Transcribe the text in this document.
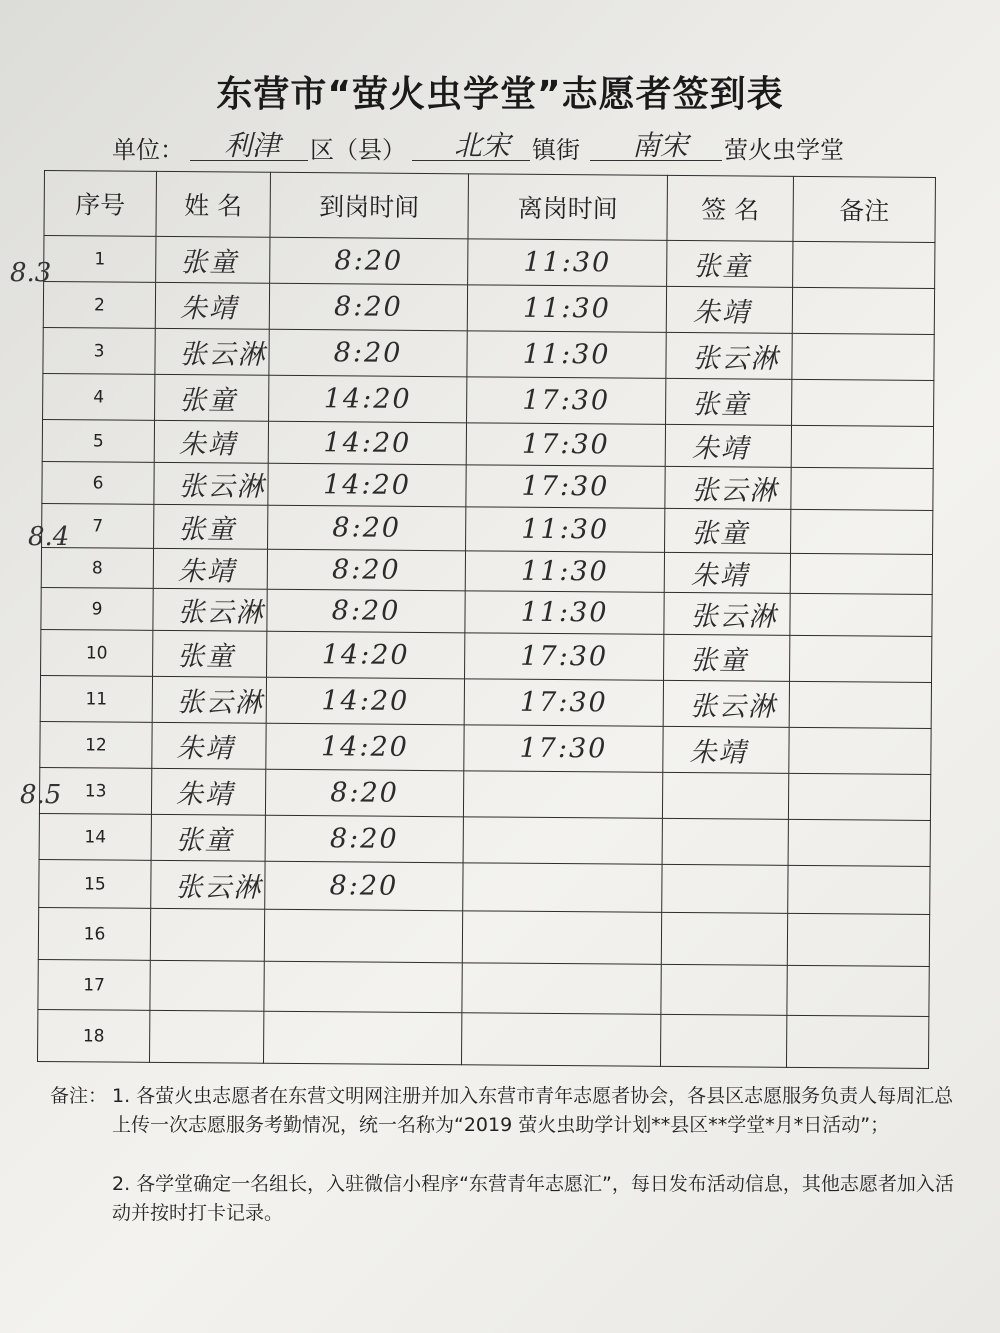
东营市“萤火虫学堂”志愿者签到表
单位： 利津 区（县） 北宋 镇街 南宋 萤火虫学堂
序号	姓 名	到岗时间	离岗时间	签 名	备注
1	张童	8:20	11:30	张童	
2	朱靖	8:20	11:30	朱靖	
3	张云淋	8:20	11:30	张云淋	
4	张童	14:20	17:30	张童	
5	朱靖	14:20	17:30	朱靖	
6	张云淋	14:20	17:30	张云淋	
7	张童	8:20	11:30	张童	
8	朱靖	8:20	11:30	朱靖	
9	张云淋	8:20	11:30	张云淋	
10	张童	14:20	17:30	张童	
11	张云淋	14:20	17:30	张云淋	
12	朱靖	14:20	17:30	朱靖	
13	朱靖	8:20			
14	张童	8:20			
15	张云淋	8:20			
16					
17					
18					
8.3
8.4
8.5
备注： 1. 各萤火虫志愿者在东营文明网注册并加入东营市青年志愿者协会，各县区志愿服务负责人每周汇总上传一次志愿服务考勤情况，统一名称为“2019 萤火虫助学计划**县区**学堂*月*日活动”；
2. 各学堂确定一名组长，入驻微信小程序“东营青年志愿汇”，每日发布活动信息，其他志愿者加入活动并按时打卡记录。
